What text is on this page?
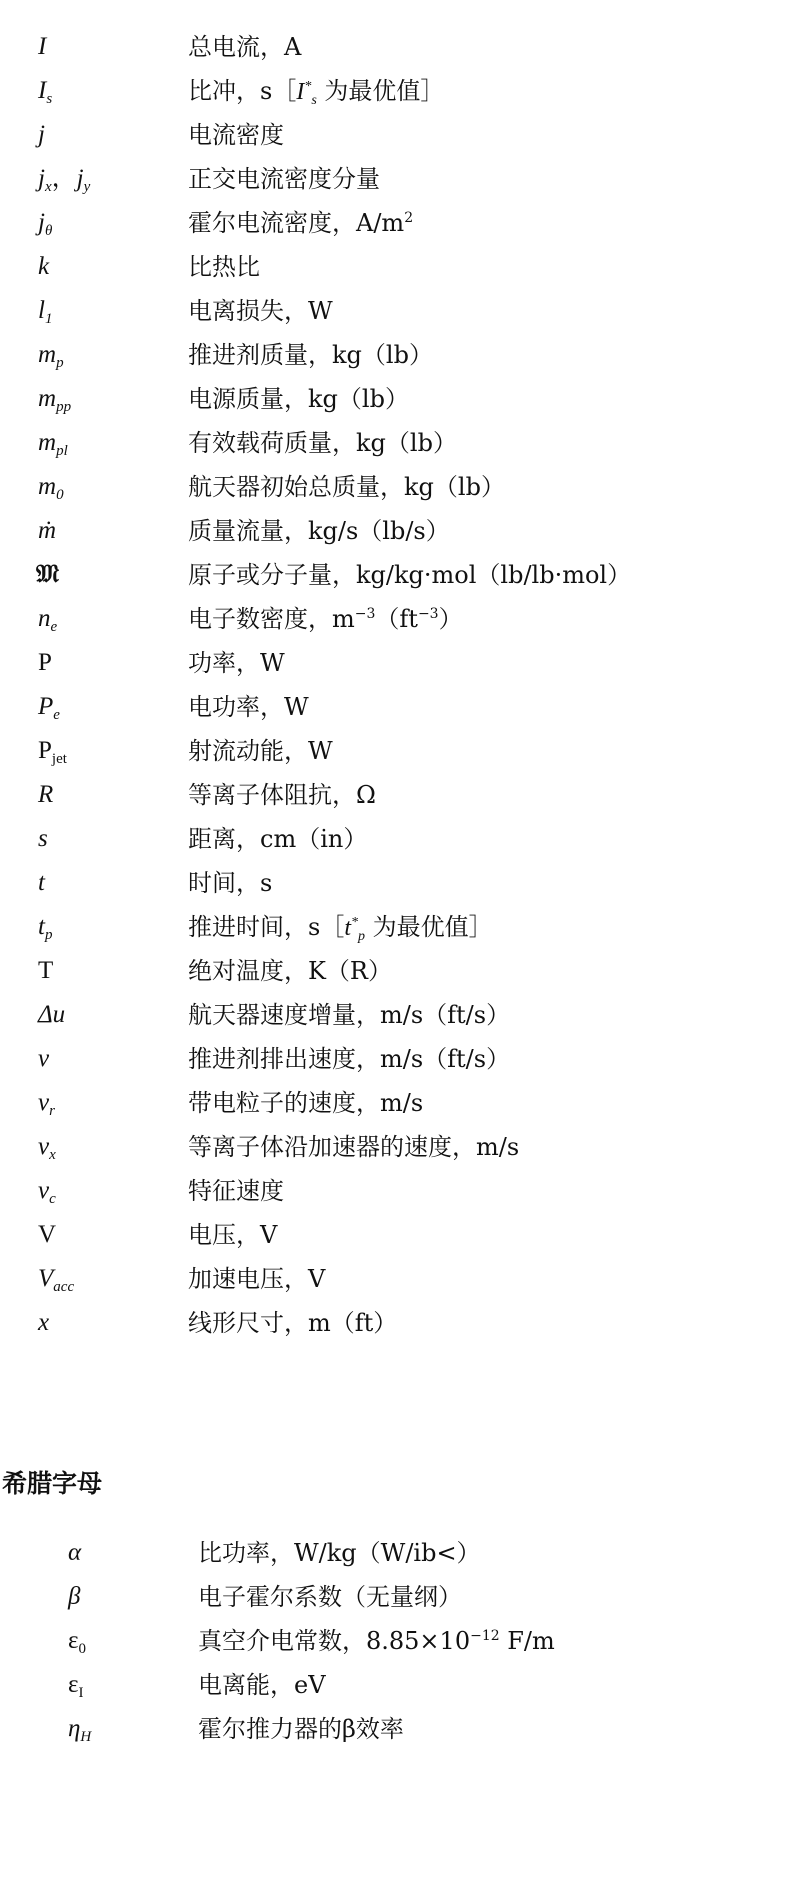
I	总电流，A
$I_s$	比冲，$s[I^*_s$ 为最优值］
j	电流密度
$j_x$，$j_y$	正交电流密度分量
$j_\theta$	霍尔电流密度，$A/m^2$
k	比热比
$l_1$	电离损失，W
$m_p$	推进剂质量，kg（lb）
$m_{pp}$	电源质量，kg（lb）
$m_{pl}$	有效载荷质量，kg（lb）
$m_0$	航天器初始总质量，kg（lb）
ṁ	质量流量，kg/s（lb/s）
𝔐	原子或分子量，kg/kg·mol（lb/lb·mol）
$n_e$	电子数密度，$m^{-3}(ft^{-3})$
P	功率，W
$P_e$	电功率，W
$P_{jet}$	射流动能，W
R	等离子体阻抗，Ω
s	距离，cm（in）
t	时间，s
$t_p$	推进时间，$s[t^*_p$ 为最优值］
T	绝对温度，K（R）
Δu	航天器速度增量，m/s（ft/s）
v	推进剂排出速度，m/s（ft/s）
$v_r$	带电粒子的速度，m/s
$v_x$	等离子体沿加速器的速度，m/s
$v_c$	特征速度
V	电压，V
$V_{acc}$	加速电压，V
x	线形尺寸，m（ft）
希腊字母
α	比功率，W/kg（W/ib<）
β	电子霍尔系数（无量纲）
$\varepsilon_0$	真空介电常数，$8.85\times 10^{-12}$ F/m
$\varepsilon_I$	电离能，eV
$\eta_H$	霍尔推力器的β效率
